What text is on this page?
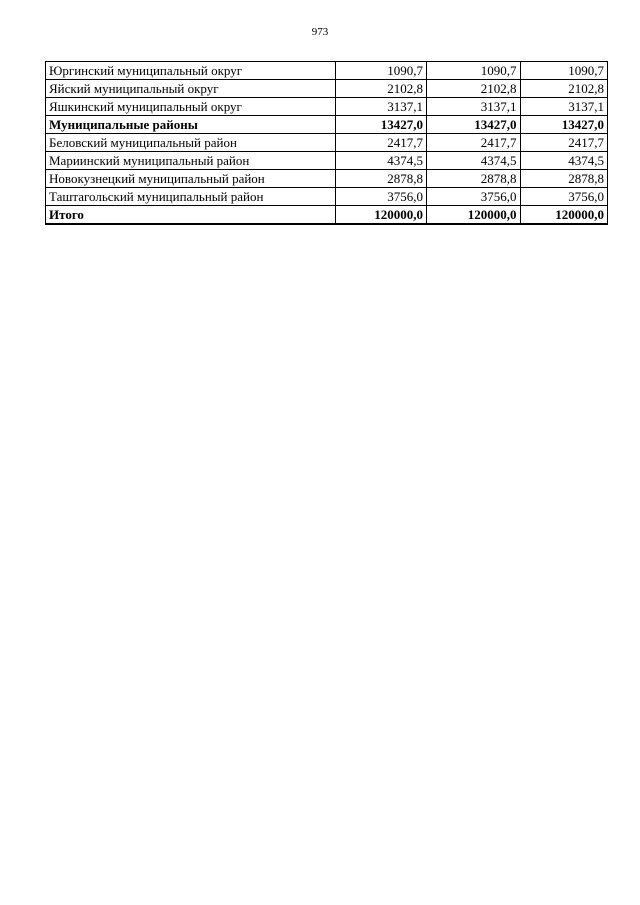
973
Юргинский муниципальный округ	1090,7	1090,7	1090,7
Яйский муниципальный округ	2102,8	2102,8	2102,8
Яшкинский муниципальный округ	3137,1	3137,1	3137,1
Муниципальные районы	13427,0	13427,0	13427,0
Беловский муниципальный район	2417,7	2417,7	2417,7
Мариинский муниципальный район	4374,5	4374,5	4374,5
Новокузнецкий муниципальный район	2878,8	2878,8	2878,8
Таштагольский муниципальный район	3756,0	3756,0	3756,0
Итого	120000,0	120000,0	120000,0
